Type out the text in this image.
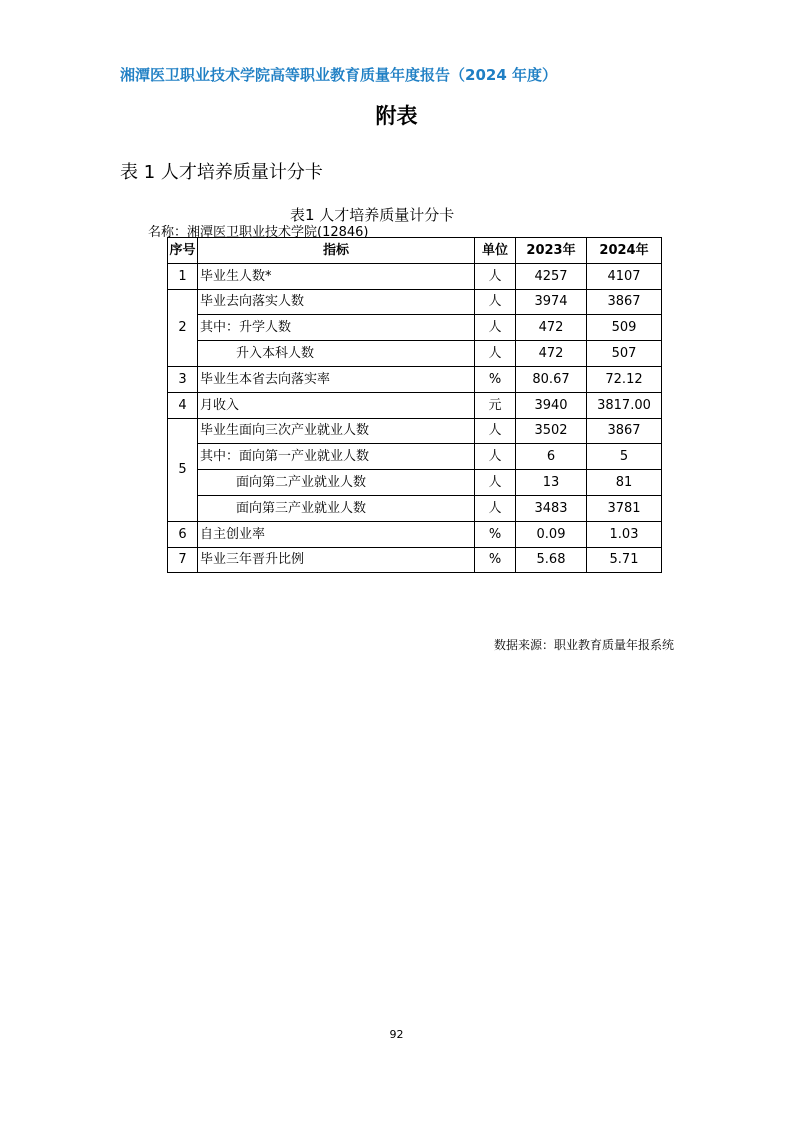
湘潭医卫职业技术学院高等职业教育质量年度报告（2024 年度）
附表
表 1 人才培养质量计分卡
表1 人才培养质量计分卡
名称：湘潭医卫职业技术学院(12846)
序号	指标	单位	2023年	2024年
1	毕业生人数*	人	4257	4107
2	毕业去向落实人数	人	3974	3867
	其中：升学人数	人	472	509
	升入本科人数	人	472	507
3	毕业生本省去向落实率	%	80.67	72.12
4	月收入	元	3940	3817.00
5	毕业生面向三次产业就业人数	人	3502	3867
	其中：面向第一产业就业人数	人	6	5
	面向第二产业就业人数	人	13	81
	面向第三产业就业人数	人	3483	3781
6	自主创业率	%	0.09	1.03
7	毕业三年晋升比例	%	5.68	5.71
数据来源：职业教育质量年报系统
92
